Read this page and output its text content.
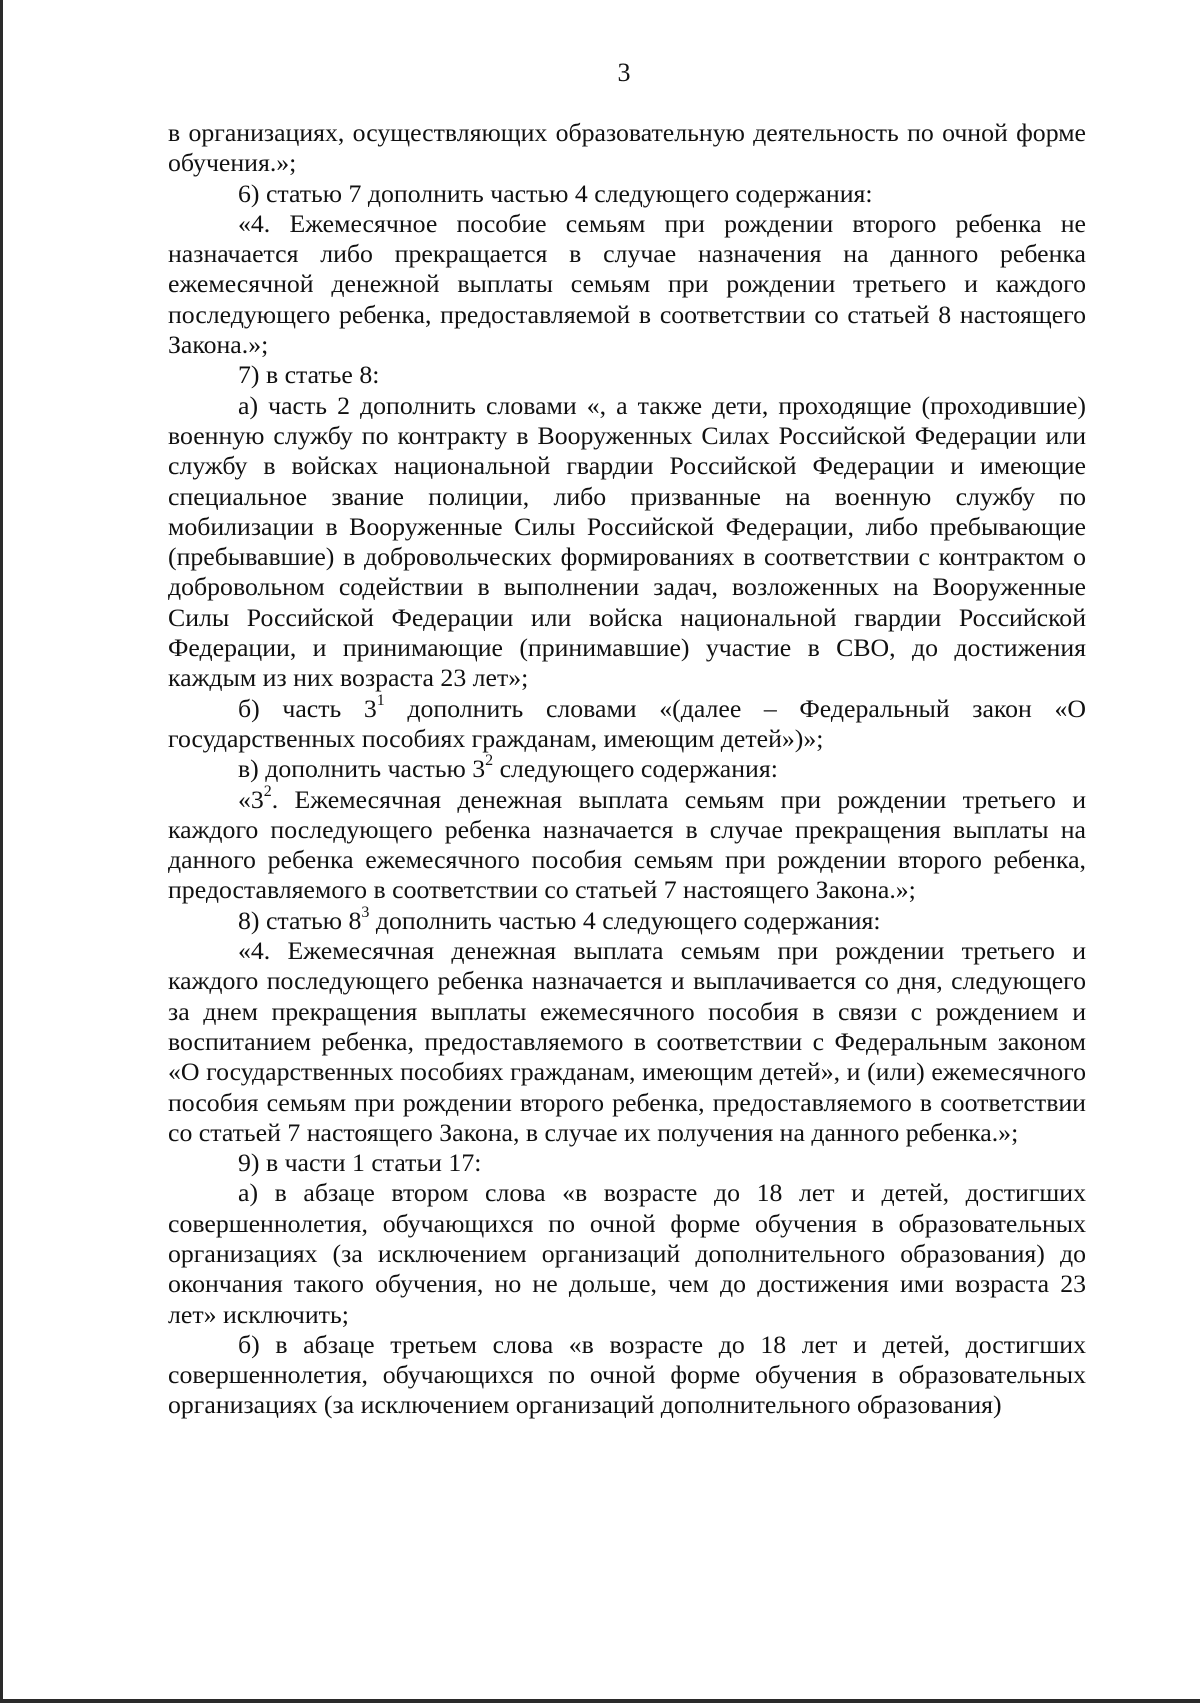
3

в организациях, осуществляющих образовательную деятельность по очной форме обучения.»;

6) статью 7 дополнить частью 4 следующего содержания:

«4. Ежемесячное пособие семьям при рождении второго ребенка не назначается либо прекращается в случае назначения на данного ребенка ежемесячной денежной выплаты семьям при рождении третьего и каждого последующего ребенка, предоставляемой в соответствии со статьей 8 настоящего Закона.»;

7) в статье 8:

а) часть 2 дополнить словами «, а также дети, проходящие (проходившие) военную службу по контракту в Вооруженных Силах Российской Федерации или службу в войсках национальной гвардии Российской Федерации и имеющие специальное звание полиции, либо призванные на военную службу по мобилизации в Вооруженные Силы Российской Федерации, либо пребывающие (пребывавшие) в добровольческих формированиях в соответствии с контрактом о добровольном содействии в выполнении задач, возложенных на Вооруженные Силы Российской Федерации или войска национальной гвардии Российской Федерации, и принимающие (принимавшие) участие в СВО, до достижения каждым из них возраста 23 лет»;

б) часть $3^1$ дополнить словами «(далее – Федеральный закон «О государственных пособиях гражданам, имеющим детей»)»;

в) дополнить частью $3^2$ следующего содержания:

«$3^2$. Ежемесячная денежная выплата семьям при рождении третьего и каждого последующего ребенка назначается в случае прекращения выплаты на данного ребенка ежемесячного пособия семьям при рождении второго ребенка, предоставляемого в соответствии со статьей 7 настоящего Закона.»;

8) статью $8^3$ дополнить частью 4 следующего содержания:

«4. Ежемесячная денежная выплата семьям при рождении третьего и каждого последующего ребенка назначается и выплачивается со дня, следующего за днем прекращения выплаты ежемесячного пособия в связи с рождением и воспитанием ребенка, предоставляемого в соответствии с Федеральным законом «О государственных пособиях гражданам, имеющим детей», и (или) ежемесячного пособия семьям при рождении второго ребенка, предоставляемого в соответствии со статьей 7 настоящего Закона, в случае их получения на данного ребенка.»;

9) в части 1 статьи 17:

а) в абзаце втором слова «в возрасте до 18 лет и детей, достигших совершеннолетия, обучающихся по очной форме обучения в образовательных организациях (за исключением организаций дополнительного образования) до окончания такого обучения, но не дольше, чем до достижения ими возраста 23 лет» исключить;

б) в абзаце третьем слова «в возрасте до 18 лет и детей, достигших совершеннолетия, обучающихся по очной форме обучения в образовательных организациях (за исключением организаций дополнительного образования)
